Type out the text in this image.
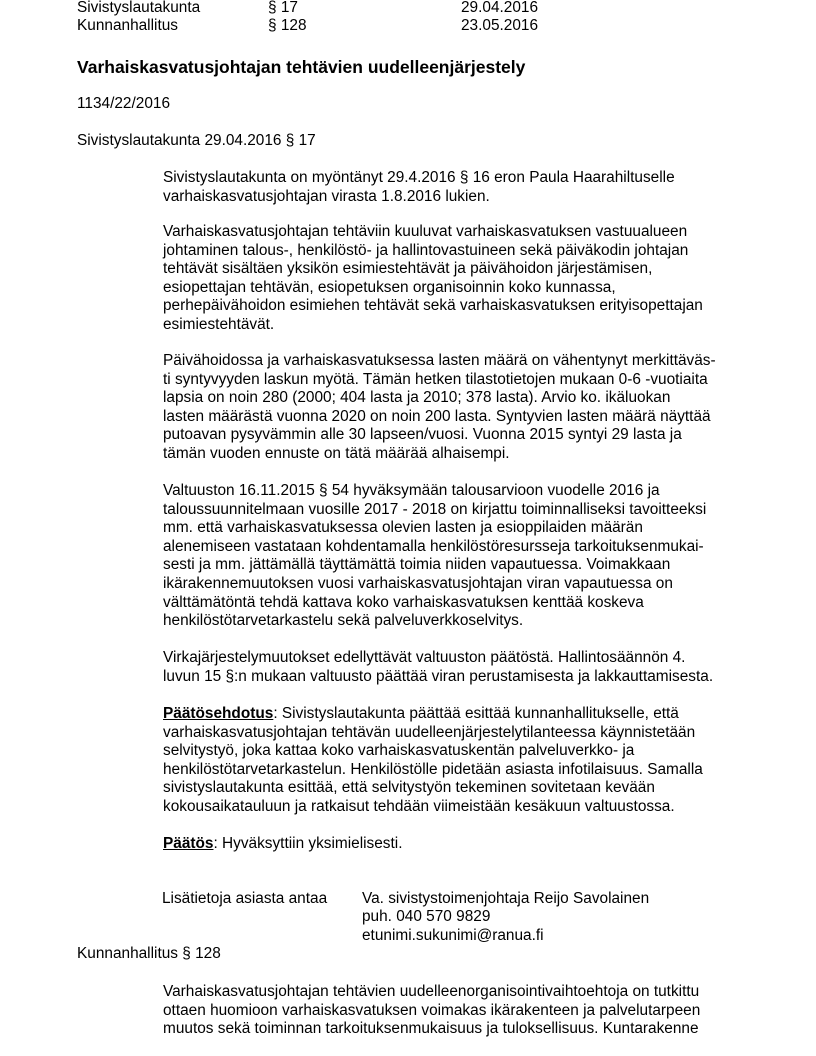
Sivistyslautakunta	§ 17	29.04.2016
Kunnanhallitus	§ 128	23.05.2016
Varhaiskasvatusjohtajan tehtävien uudelleenjärjestely
1134/22/2016
Sivistyslautakunta 29.04.2016 § 17
Sivistyslautakunta on myöntänyt 29.4.2016 § 16 eron Paula Haarahiltuselle
varhaiskasvatusjohtajan virasta 1.8.2016 lukien.
Varhaiskasvatusjohtajan tehtäviin kuuluvat varhaiskasvatuksen vastuualueen
johtaminen talous-, henkilöstö- ja hallintovastuineen sekä päiväkodin johtajan
tehtävät sisältäen yksikön esimiestehtävät ja päivähoidon järjestämisen,
esiopettajan tehtävän, esiopetuksen organisoinnin koko kunnassa,
perhepäivähoidon esimiehen tehtävät sekä varhaiskasvatuksen erityisopettajan
esimiestehtävät.
Päivähoidossa ja varhaiskasvatuksessa lasten määrä on vähentynyt merkittäväs-
ti syntyvyyden laskun myötä. Tämän hetken tilastotietojen mukaan 0-6 -vuotiaita
lapsia on noin 280 (2000; 404 lasta ja 2010; 378 lasta). Arvio ko. ikäluokan
lasten määrästä vuonna 2020 on noin 200 lasta. Syntyvien lasten määrä näyttää
putoavan pysyvämmin alle 30 lapseen/vuosi. Vuonna 2015 syntyi 29 lasta ja
tämän vuoden ennuste on tätä määrää alhaisempi.
Valtuuston 16.11.2015 § 54 hyväksymään talousarvioon vuodelle 2016 ja
taloussuunnitelmaan vuosille 2017 - 2018 on kirjattu toiminnalliseksi tavoitteeksi
mm. että varhaiskasvatuksessa olevien lasten ja esioppilaiden määrän
alenemiseen vastataan kohdentamalla henkilöstöresursseja tarkoituksenmukai-
sesti ja mm. jättämällä täyttämättä toimia niiden vapautuessa. Voimakkaan
ikärakennemuutoksen vuosi varhaiskasvatusjohtajan viran vapautuessa on
välttämätöntä tehdä kattava koko varhaiskasvatuksen kenttää koskeva
henkilöstötarvetarkastelu sekä palveluverkkoselvitys.
Virkajärjestelymuutokset edellyttävät valtuuston päätöstä. Hallintosäännön 4.
luvun 15 §:n mukaan valtuusto päättää viran perustamisesta ja lakkauttamisesta.
Päätösehdotus: Sivistyslautakunta päättää esittää kunnanhallitukselle, että
varhaiskasvatusjohtajan tehtävän uudelleenjärjestelytilanteessa käynnistetään
selvitystyö, joka kattaa koko varhaiskasvatuskentän palveluverkko- ja
henkilöstötarvetarkastelun. Henkilöstölle pidetään asiasta infotilaisuus. Samalla
sivistyslautakunta esittää, että selvitystyön tekeminen sovitetaan kevään
kokousaikatauluun ja ratkaisut tehdään viimeistään kesäkuun valtuustossa.
Päätös: Hyväksyttiin yksimielisesti.
Lisätietoja asiasta antaa Va. sivistystoimenjohtaja Reijo Savolainen
puh. 040 570 9829
etunimi.sukunimi@ranua.fi
Kunnanhallitus § 128
Varhaiskasvatusjohtajan tehtävien uudelleenorganisointivaihtoehtoja on tutkittu
ottaen huomioon varhaiskasvatuksen voimakas ikärakenteen ja palvelutarpeen
muutos sekä toiminnan tarkoituksenmukaisuus ja tuloksellisuus. Kuntarakenne
